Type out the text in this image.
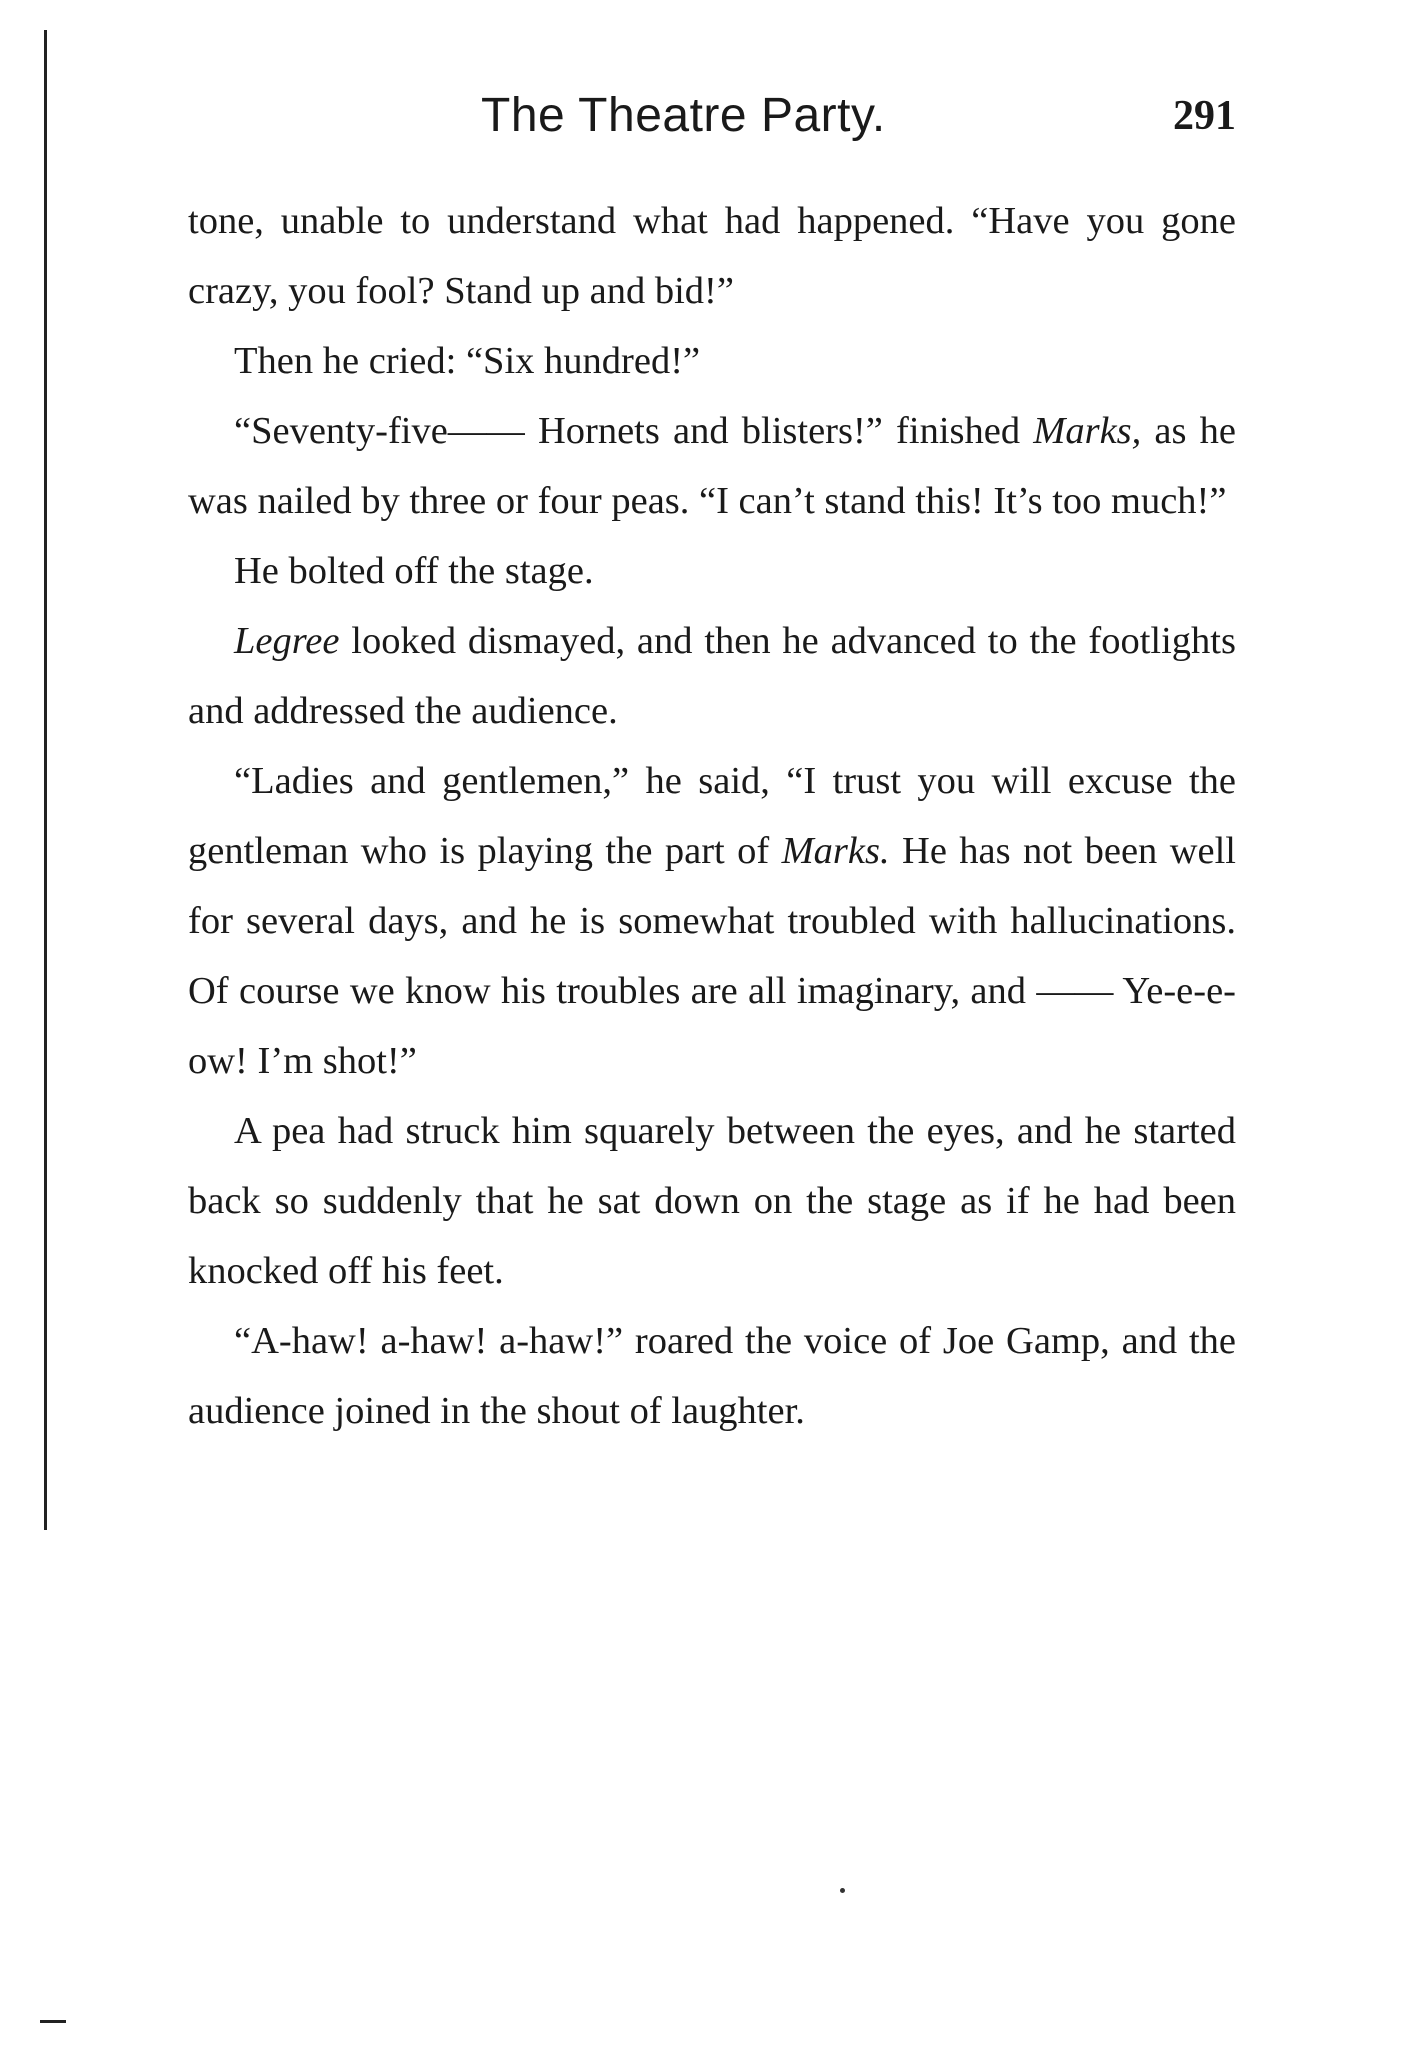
The Theatre Party.	291

tone, unable to understand what had happened. “Have you gone crazy, you fool? Stand up and bid!”

Then he cried: “Six hundred!”

“Seventy-five—— Hornets and blisters!” finished Marks, as he was nailed by three or four peas. “I can’t stand this! It’s too much!”

He bolted off the stage.

Legree looked dismayed, and then he advanced to the footlights and addressed the audience.

“Ladies and gentlemen,” he said, “I trust you will excuse the gentleman who is playing the part of Marks. He has not been well for several days, and he is somewhat troubled with hallucinations. Of course we know his troubles are all imaginary, and —— Ye-e-e-ow! I’m shot!”

A pea had struck him squarely between the eyes, and he started back so suddenly that he sat down on the stage as if he had been knocked off his feet.

“A-haw! a-haw! a-haw!” roared the voice of Joe Gamp, and the audience joined in the shout of laughter.
